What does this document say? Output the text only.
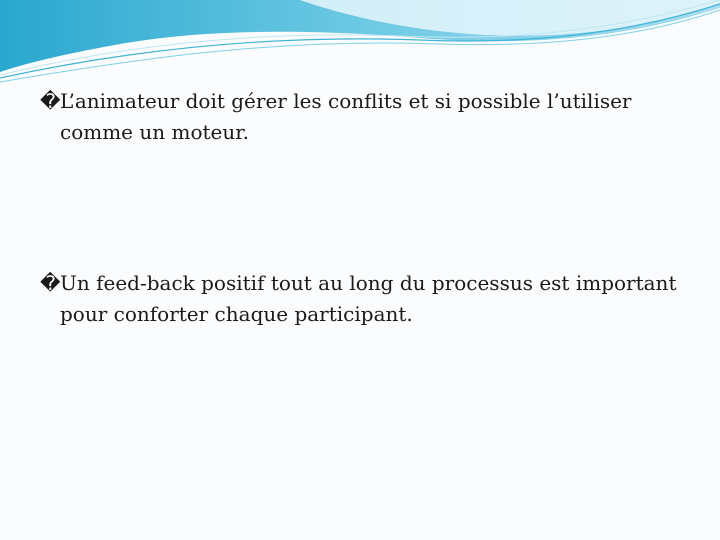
� L’animateur doit gérer les conflits et si possible l’utiliser comme un moteur.
� Un feed-back positif tout au long du processus est important pour conforter chaque participant.
